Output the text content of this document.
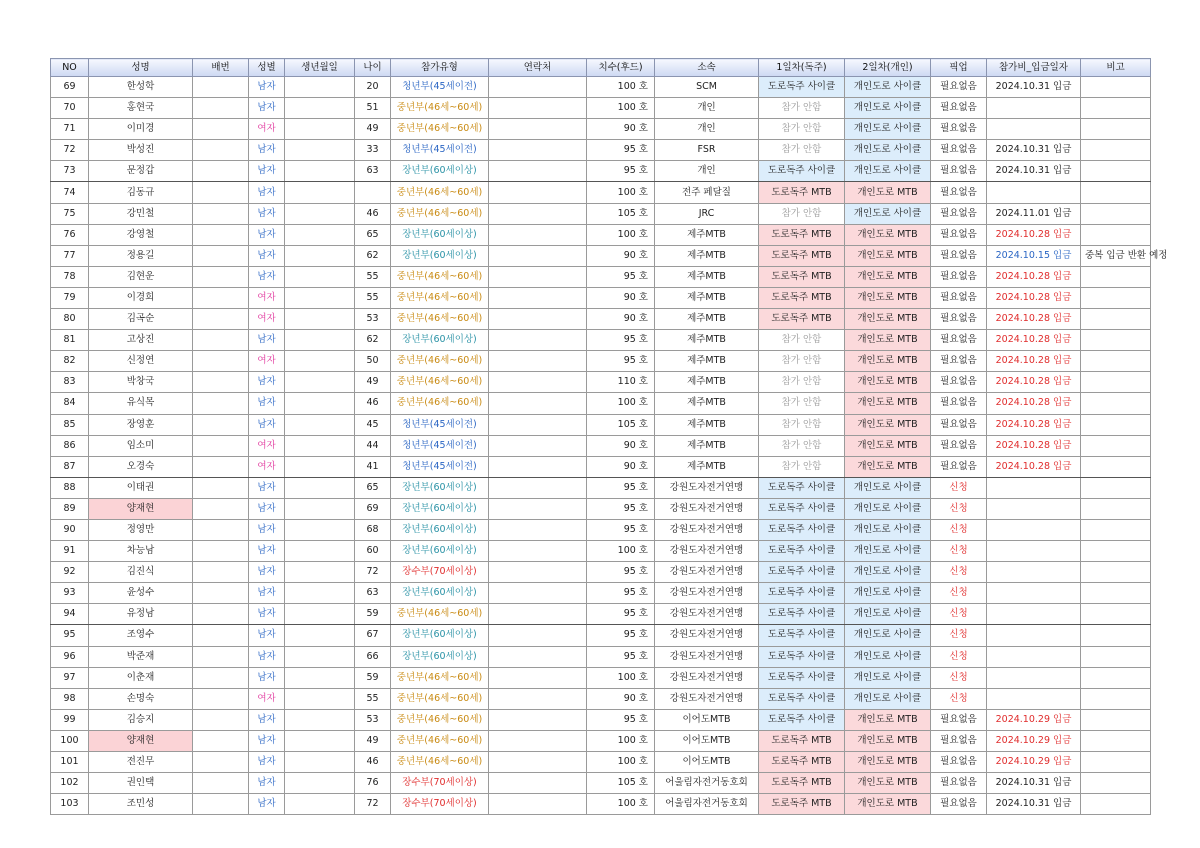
NO	성명	배번	성별	생년월일	나이	참가유형	연락처	치수(후드)	소속	1일차(독주)	2일차(개인)	픽업	참가비_입금일자	비고
69	한성학		남자		20	청년부(45세이전)		100 호	SCM	도로독주 사이클	개인도로 사이클	필요없음	2024.10.31 입금	
70	홍현국		남자		51	중년부(46세~60세)		100 호	개인	참가 안함	개인도로 사이클	필요없음		
71	이미경		여자		49	중년부(46세~60세)		90 호	개인	참가 안함	개인도로 사이클	필요없음		
72	박성진		남자		33	청년부(45세이전)		95 호	FSR	참가 안함	개인도로 사이클	필요없음	2024.10.31 입금	
73	문정갑		남자		63	장년부(60세이상)		95 호	개인	도로독주 사이클	개인도로 사이클	필요없음	2024.10.31 입금	
74	김동규		남자			중년부(46세~60세)		100 호	전주 페달질	도로독주 MTB	개인도로 MTB	필요없음		
75	강민철		남자		46	중년부(46세~60세)		105 호	JRC	참가 안함	개인도로 사이클	필요없음	2024.11.01 입금	
76	강영철		남자		65	장년부(60세이상)		100 호	제주MTB	도로독주 MTB	개인도로 MTB	필요없음	2024.10.28 입금	
77	정용길		남자		62	장년부(60세이상)		90 호	제주MTB	도로독주 MTB	개인도로 MTB	필요없음	2024.10.15 입금	중복 입금 반환 예정

78	김현운		남자		55	중년부(46세~60세)		95 호	제주MTB	도로독주 MTB	개인도로 MTB	필요없음	2024.10.28 입금	
79	이경희		여자		55	중년부(46세~60세)		90 호	제주MTB	도로독주 MTB	개인도로 MTB	필요없음	2024.10.28 입금	
80	김곡순		여자		53	중년부(46세~60세)		90 호	제주MTB	도로독주 MTB	개인도로 MTB	필요없음	2024.10.28 입금	
81	고상진		남자		62	장년부(60세이상)		95 호	제주MTB	참가 안함	개인도로 MTB	필요없음	2024.10.28 입금	
82	신정연		여자		50	중년부(46세~60세)		95 호	제주MTB	참가 안함	개인도로 MTB	필요없음	2024.10.28 입금	
83	박창국		남자		49	중년부(46세~60세)		110 호	제주MTB	참가 안함	개인도로 MTB	필요없음	2024.10.28 입금	
84	유식목		남자		46	중년부(46세~60세)		100 호	제주MTB	참가 안함	개인도로 MTB	필요없음	2024.10.28 입금	
85	장영훈		남자		45	청년부(45세이전)		105 호	제주MTB	참가 안함	개인도로 MTB	필요없음	2024.10.28 입금	
86	임소미		여자		44	청년부(45세이전)		90 호	제주MTB	참가 안함	개인도로 MTB	필요없음	2024.10.28 입금	
87	오경숙		여자		41	청년부(45세이전)		90 호	제주MTB	참가 안함	개인도로 MTB	필요없음	2024.10.28 입금	
88	이태권		남자		65	장년부(60세이상)		95 호	강원도자전거연맹	도로독주 사이클	개인도로 사이클	신청		
89	양재현		남자		69	장년부(60세이상)		95 호	강원도자전거연맹	도로독주 사이클	개인도로 사이클	신청		
90	정영만		남자		68	장년부(60세이상)		95 호	강원도자전거연맹	도로독주 사이클	개인도로 사이클	신청		
91	차능남		남자		60	장년부(60세이상)		100 호	강원도자전거연맹	도로독주 사이클	개인도로 사이클	신청		
92	김진식		남자		72	장수부(70세이상)		95 호	강원도자전거연맹	도로독주 사이클	개인도로 사이클	신청		
93	윤성수		남자		63	장년부(60세이상)		95 호	강원도자전거연맹	도로독주 사이클	개인도로 사이클	신청		
94	유정남		남자		59	중년부(46세~60세)		95 호	강원도자전거연맹	도로독주 사이클	개인도로 사이클	신청		
95	조영수		남자		67	장년부(60세이상)		95 호	강원도자전거연맹	도로독주 사이클	개인도로 사이클	신청		
96	박준재		남자		66	장년부(60세이상)		95 호	강원도자전거연맹	도로독주 사이클	개인도로 사이클	신청		
97	이춘재		남자		59	중년부(46세~60세)		100 호	강원도자전거연맹	도로독주 사이클	개인도로 사이클	신청		
98	손명숙		여자		55	중년부(46세~60세)		90 호	강원도자전거연맹	도로독주 사이클	개인도로 사이클	신청		
99	김승지		남자		53	중년부(46세~60세)		95 호	이어도MTB	도로독주 사이클	개인도로 MTB	필요없음	2024.10.29 입금	
100	양재현		남자		49	중년부(46세~60세)		100 호	이어도MTB	도로독주 MTB	개인도로 MTB	필요없음	2024.10.29 입금	
101	전진무		남자		46	중년부(46세~60세)		100 호	이어도MTB	도로독주 MTB	개인도로 MTB	필요없음	2024.10.29 입금	
102	권인택		남자		76	장수부(70세이상)		105 호	어울림자전거동호회	도로독주 MTB	개인도로 MTB	필요없음	2024.10.31 입금	
103	조민성		남자		72	장수부(70세이상)		100 호	어울림자전거동호회	도로독주 MTB	개인도로 MTB	필요없음	2024.10.31 입금	
